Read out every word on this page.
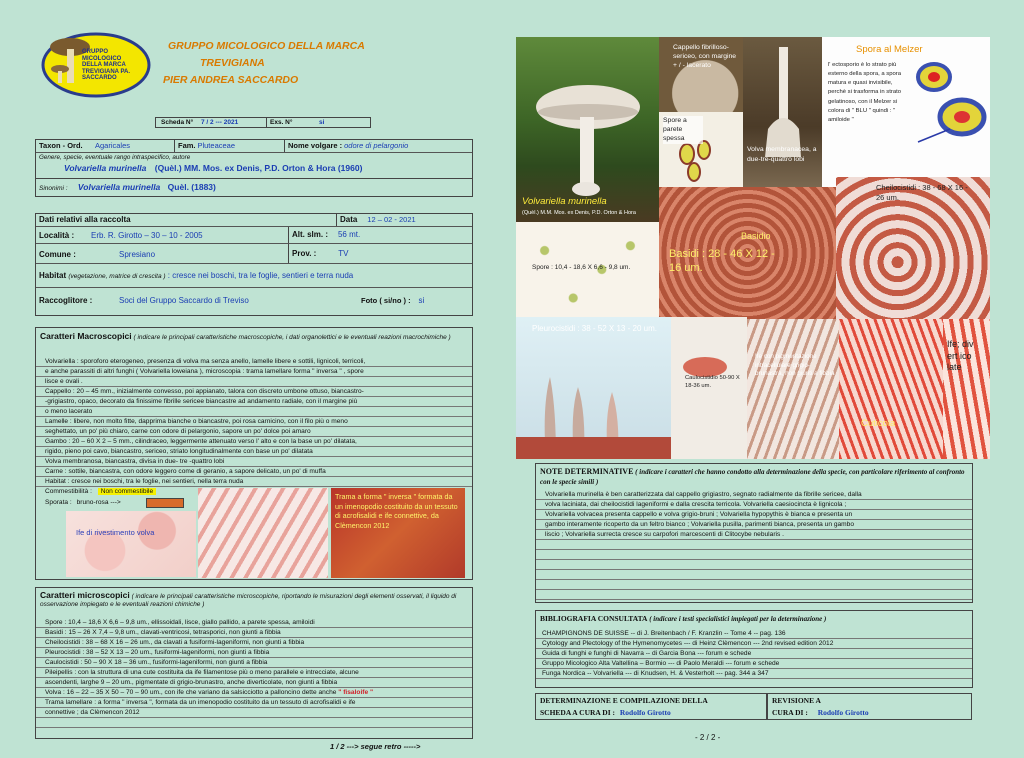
GRUPPO MICOLOGICO DELLA MARCA TREVIGIANA PA. SACCARDO
GRUPPO MICOLOGICO DELLA MARCA
TREVIGIANA
PIER ANDREA SACCARDO
Scheda N°	7 / 2 --- 2021	Exs. N°	si
Taxon - Ord.	Agaricales	Fam. Pluteaceae	Nome volgare : odore di pelargonio
Genere, specie, eventuale rango intraspecifico, autore
Volvariella murinella (Quèl.) MM. Mos. ex Denis, P.D. Orton & Hora (1960)
Sinonimi : Volvariella murinella Quèl. (1883)
Dati relativi alla raccolta	Data 12 – 02 - 2021
Località :	Erb. R. Girotto – 30 – 10 - 2005	Alt. slm. : 56 mt.
Comune :	Spresiano	Prov. :	TV
Habitat (vegetazione, matrice di crescita ) : cresce nei boschi, tra le foglie, sentieri e terra nuda
Raccoglitore :	Soci del Gruppo Saccardo di Treviso	Foto ( si/no ) : si
Caratteri Macroscopici ( indicare le principali caratteristiche macroscopiche, i dati organolettici e le eventuali reazioni macrochimiche )
Volvariella : sporoforo eterogeneo, presenza di volva ma senza anello, lamelle libere e sottili, lignicoli, terricoli,
e anche parassiti di altri funghi ( Volvariella loweiana ), microscopia : trama lamellare forma " inversa " , spore
lisce e ovali .
Cappello : 20 – 45 mm., inizialmente convesso, poi appianato, talora con discreto umbone ottuso, biancastro-
-grigiastro, opaco, decorato da finissime fibrille sericee biancastre ad andamento radiale, con il margine più
o meno lacerato
Lamelle : libere, non molto fitte, dapprima bianche o biancastre, poi rosa carnicino, con il filo più o meno
seghettato, un po' più chiaro, carne con odore di pelargonio, sapore un po' dolce poi amaro
Gambo : 20 – 60 X 2 – 5 mm., cilindraceo, leggermente attenuato verso l' alto e con la base un po' dilatata,
rigido, pieno poi cavo, biancastro, sericeo, striato longitudinalmente con base un po' dilatata
Volva membranosa, biancastra, divisa in due- tre -quattro lobi
Carne : sottile, biancastra, con odore leggero come di geranio, a sapore delicato, un po' di muffa
Habitat : cresce nei boschi, tra le foglie, nei sentieri, nella terra nuda
Commestibilità : Non commestibile
Sporata : bruno-rosa --->
Ife di rivestimento volva
Trama a forma " inversa " formata da un imenopodio costituito da un tessuto di acrofisalidi e ife connettive, da Clèmencon 2012
Caratteri microscopici ( indicare le principali caratteristiche microscopiche, riportando le misurazioni degli elementi osservati, il liquido di osservazione impiegato e le eventuali reazioni chimiche )
Spore : 10,4 – 18,6 X 6,6 – 9,8 um., ellissoidali, lisce, giallo pallido, a parete spessa, amiloidi
Basidi : 15 – 26 X 7,4 – 9,8 um., clavati-ventricosi, tetrasporici, non giunti a fibbia
Cheilocistidi : 38 – 68 X 16 – 26 um., da clavati a fusiformi-lageniformi, non giunti a fibbia
Pleurocistidi : 38 – 52 X 13 – 20 um., fusiformi-lageniformi, non giunti a fibbia
Caulocistidi : 50 – 90 X 18 – 36 um., fusiformi-lageniformi, non giunti a fibbia
Pileipellis : con la struttura di una cute costituita da ife filamentose più o meno parallele e intrecciate, alcune
ascendenti, larghe 9 – 20 um., pigmentate di grigio-brunastro, anche diverticolate, non giunti a fibbia
Volva : 16 – 22 – 35 X 50 – 70 – 90 um., con ife che variano da salsicciotto a palloncino dette anche " fisaloife "
Trama lamellare : a forma " inversa ", formata da un imenopodio costituito da un tessuto di acrofisalidi e ife
connettive ; da Clèmencon 2012
1 / 2 ---> segue retro ----->
Volvariella murinella
(Quèl.) M.M. Mos. ex Denis, P.D. Orton & Hora
Cappello fibrilloso-sericeo, con margine + / - lacerato
Spore a parete spessa
Volva membranacea, a due-tre-quattro lobi
Spora al Melzer
l' ectosporio è lo strato più esterno della spora, a spora matura e quasi invisibile, perchè si trasforma in strato gelatinoso, con il Melzer si colora di " BLU " quindi : " amiloide "
Cheilocistidi : 38 - 68 X 16 - 26 um.
Spore : 10,4 - 18,6 X 6,6 - 9,8 um.
Basidi : 28 - 46 X 12 - 16 um.
Basidio
Pleurocistidi : 38 - 52 X 13 - 20 um.
Caulocistidio 50-90 X 18-36 um.
Ife con pigmentazione intracellulare grigio-brunastra, non giunti a fibbia
Cuticola
Ife; div ert ico late
NOTE DETERMINATIVE ( indicare i caratteri che hanno condotto alla determinazione della specie, con particolare riferimento al confronto con le specie simili )
Volvariella murinella è ben caratterizzata dal cappello grigiastro, segnato radialmente da fibrille sericee, dalla
volva laciniata, dai cheilocistidi lageniformi e dalla crescita terricola. Volvariella caesiocincta è lignicola ;
Volvariella volvacea presenta cappello e volva grigio-bruni ; Volvariella hypopythis è bianca e presenta un
gambo interamente ricoperto da un feltro bianco ; Volvariella pusilla, parimenti bianca, presenta un gambo
liscio ; Volvariella surrecta cresce su carpofori marcescenti di Clitocybe nebularis .
BIBLIOGRAFIA CONSULTATA ( indicare i testi specialistici impiegati per la determinazione )
CHAMPIGNONS DE SUISSE -- di J. Breitenbach / F. Kranzlin -- Tome 4 -- pag. 136
Cytology and Plectology of the Hymenomycetes --- di Heinz Clèmencon --- 2nd revised edition 2012
Guida di funghi e funghi di Navarra -- di Garcia Bona --- forum e schede
Gruppo Micologico Alta Valtellina – Bormio --- di Paolo Meraldi --- forum e schede
Funga Nordica -- Volvariella --- di Knudsen, H. & Vesterholt --- pag. 344 a 347
DETERMINAZIONE E COMPILAZIONE DELLA
SCHEDA A CURA DI : Rodolfo Girotto
REVISIONE A
CURA DI : Rodolfo Girotto
- 2 / 2 -
